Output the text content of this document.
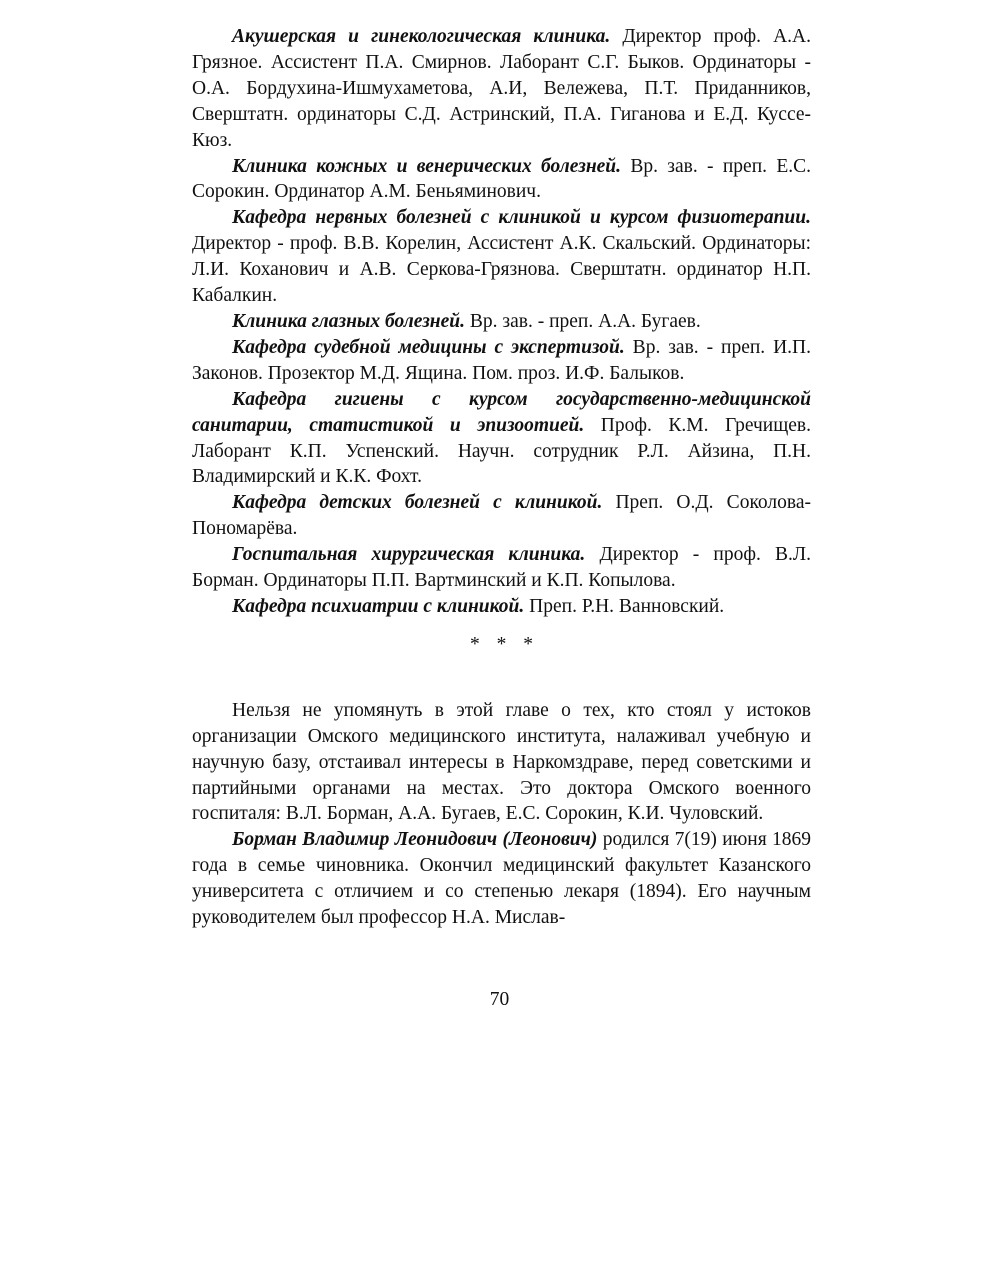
Акушерская и гинекологическая клиника. Директор проф. А.А. Грязное. Ассистент П.А. Смирнов. Лаборант С.Г. Быков. Ординаторы - О.А. Бордухина-Ишмухаметова, А.И, Вележева, П.Т. Приданников, Сверштатн. ординаторы С.Д. Астринский, П.А. Гиганова и Е.Д. Куссе-Кюз.

Клиника кожных и венерических болезней. Вр. зав. - преп. Е.С. Сорокин. Ординатор А.М. Беньяминович.

Кафедра нервных болезней с клиникой и курсом физиотерапии. Директор - проф. В.В. Корелин, Ассистент А.К. Скальский. Ординаторы: Л.И. Коханович и А.В. Серкова-Грязнова. Сверштатн. ординатор Н.П. Кабалкин.

Клиника глазных болезней. Вр. зав. - преп. А.А. Бугаев.

Кафедра судебной медицины с экспертизой. Вр. зав. - преп. И.П. Законов. Прозектор М.Д. Ящина. Пом. проз. И.Ф. Балыков.

Кафедра гигиены с курсом государственно-медицинской санитарии, статистикой и эпизоотией. Проф. К.М. Гречищев. Лаборант К.П. Успенский. Научн. сотрудник Р.Л. Айзина, П.Н. Владимирский и К.К. Фохт.

Кафедра детских болезней с клиникой. Преп. О.Д. Соколова-Пономарёва.

Госпитальная хирургическая клиника. Директор - проф. В.Л. Борман. Ординаторы П.П. Вартминский и К.П. Копылова.

Кафедра психиатрии с клиникой. Преп. Р.Н. Ванновский.

* * *

Нельзя не упомянуть в этой главе о тех, кто стоял у истоков организации Омского медицинского института, налаживал учебную и научную базу, отстаивал интересы в Наркомздраве, перед советскими и партийными органами на местах. Это доктора Омского военного госпиталя: В.Л. Борман, А.А. Бугаев, Е.С. Сорокин, К.И. Чуловский.

Борман Владимир Леонидович (Леонович) родился 7(19) июня 1869 года в семье чиновника. Окончил медицинский факультет Казанского университета с отличием и со степенью лекаря (1894). Его научным руководителем был профессор Н.А. Мислав-

70
